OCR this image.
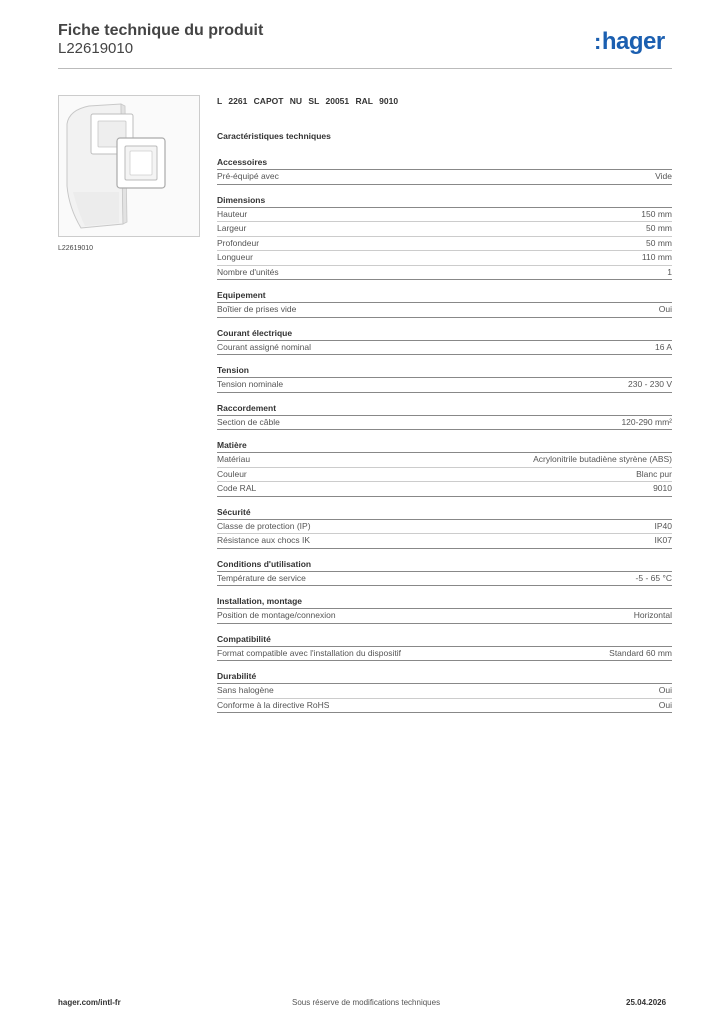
Fiche technique du produit
L22619010	:hager
L22619010
L 2261 CAPOT NU SL 20051 RAL 9010
Caractéristiques techniques
Accessoires
Pré-équipé avec	Vide
Dimensions
Hauteur	150 mm
Largeur	50 mm
Profondeur	50 mm
Longueur	110 mm
Nombre d'unités	1
Equipement
Boîtier de prises vide	Oui
Courant électrique
Courant assigné nominal	16 A
Tension
Tension nominale	230 - 230 V
Raccordement
Section de câble	120-290 mm²
Matière
Matériau	Acrylonitrile butadiène styrène (ABS)
Couleur	Blanc pur
Code RAL	9010
Sécurité
Classe de protection (IP)	IP40
Résistance aux chocs IK	IK07
Conditions d'utilisation
Température de service	-5 - 65 °C
Installation, montage
Position de montage/connexion	Horizontal
Compatibilité
Format compatible avec l'installation du dispositif	Standard 60 mm
Durabilité
Sans halogène	Oui
Conforme à la directive RoHS	Oui
hager.com/intl-fr	Sous réserve de modifications techniques	25.04.2026
